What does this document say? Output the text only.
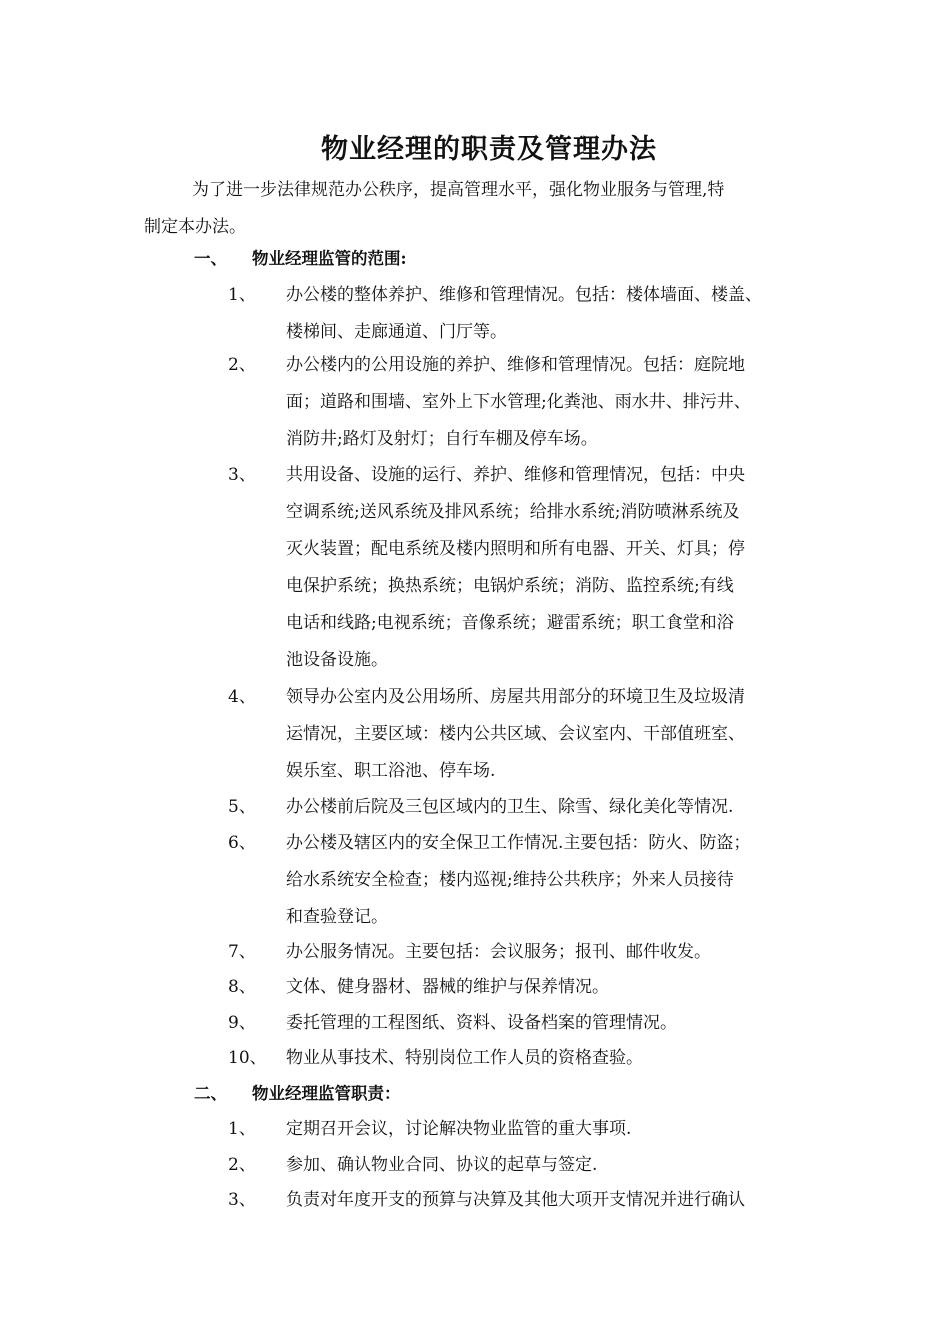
物业经理的职责及管理办法
为了进一步法律规范办公秩序，提高管理水平，强化物业服务与管理,特
制定本办法。
一、 物业经理监管的范围:
1、 办公楼的整体养护、维修和管理情况。包括：楼体墙面、楼盖、
楼梯间、走廊通道、门厅等。
2、 办公楼内的公用设施的养护、维修和管理情况。包括：庭院地
面；道路和围墙、室外上下水管理;化粪池、雨水井、排污井、
消防井;路灯及射灯；自行车棚及停车场。
3、 共用设备、设施的运行、养护、维修和管理情况，包括：中央
空调系统;送风系统及排风系统；给排水系统;消防喷淋系统及
灭火装置；配电系统及楼内照明和所有电器、开关、灯具；停
电保护系统；换热系统；电锅炉系统；消防、监控系统;有线
电话和线路;电视系统；音像系统；避雷系统；职工食堂和浴
池设备设施。
4、 领导办公室内及公用场所、房屋共用部分的环境卫生及垃圾清
运情况，主要区域：楼内公共区域、会议室内、干部值班室、
娱乐室、职工浴池、停车场.
5、 办公楼前后院及三包区域内的卫生、除雪、绿化美化等情况.
6、 办公楼及辖区内的安全保卫工作情况.主要包括：防火、防盗；
给水系统安全检查；楼内巡视;维持公共秩序；外来人员接待
和查验登记。
7、 办公服务情况。主要包括：会议服务；报刊、邮件收发。
8、 文体、健身器材、器械的维护与保养情况。
9、 委托管理的工程图纸、资料、设备档案的管理情况。
10、 物业从事技术、特别岗位工作人员的资格查验。
二、 物业经理监管职责：
1、 定期召开会议，讨论解决物业监管的重大事项.
2、 参加、确认物业合同、协议的起草与签定.
3、 负责对年度开支的预算与决算及其他大项开支情况并进行确认
